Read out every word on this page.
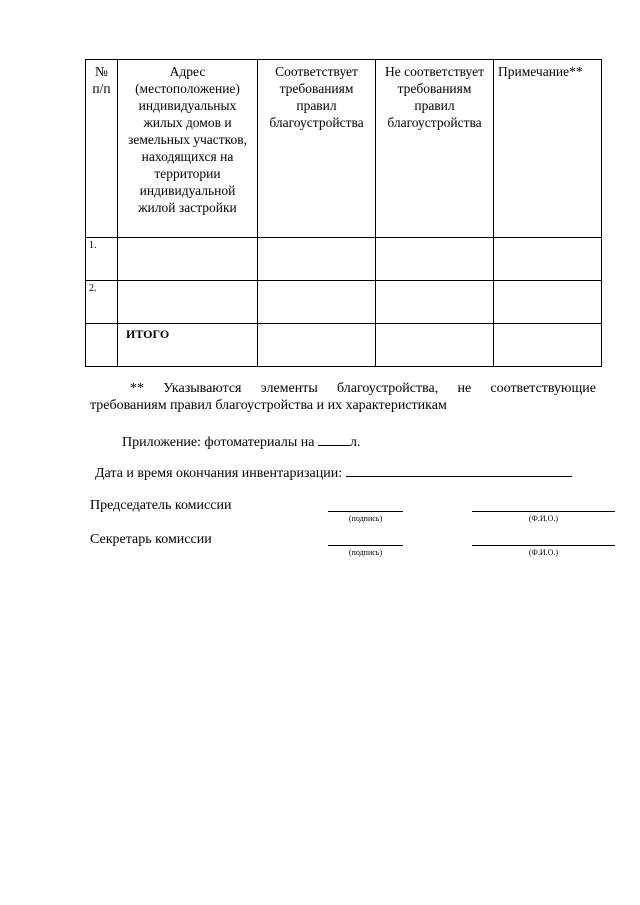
№ п/п	Адрес (местоположение) индивидуальных жилых домов и земельных участков, находящихся на территории индивидуальной жилой застройки	Соответствует требованиям правил благоустройства	Не соответствует требованиям правил благоустройства	Примечание**
1.				
2.				
	ИТОГО			
** Указываются элементы благоустройства, не соответствующие требованиям правил благоустройства и их характеристикам
Приложение: фотоматериалы на л.
Дата и время окончания инвентаризации:
Председатель комиссии
(подпись)	(Ф.И.О.)
Секретарь комиссии
(подпись)	(Ф.И.О.)
